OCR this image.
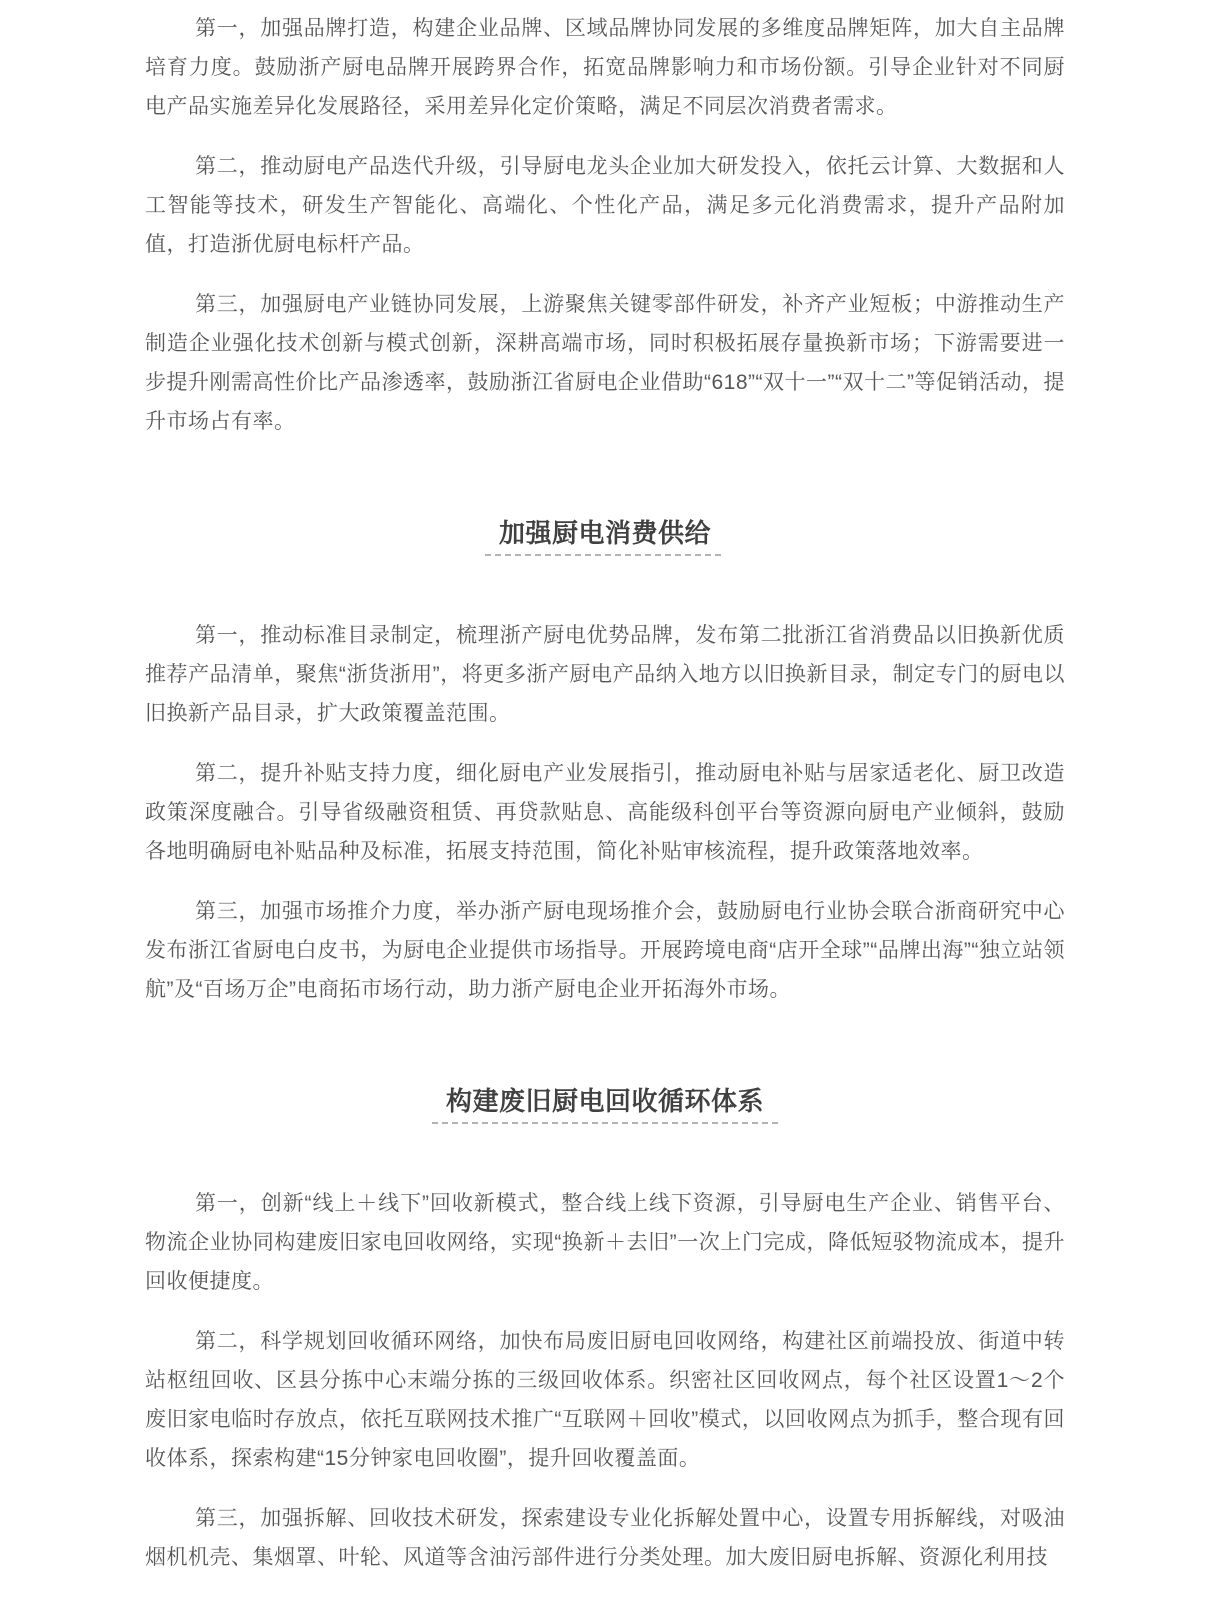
第一，加强品牌打造，构建企业品牌、区域品牌协同发展的多维度品牌矩阵，加大自主品牌培育力度。鼓励浙产厨电品牌开展跨界合作，拓宽品牌影响力和市场份额。引导企业针对不同厨电产品实施差异化发展路径，采用差异化定价策略，满足不同层次消费者需求。

第二，推动厨电产品迭代升级，引导厨电龙头企业加大研发投入，依托云计算、大数据和人工智能等技术，研发生产智能化、高端化、个性化产品，满足多元化消费需求，提升产品附加值，打造浙优厨电标杆产品。

第三，加强厨电产业链协同发展，上游聚焦关键零部件研发，补齐产业短板；中游推动生产制造企业强化技术创新与模式创新，深耕高端市场，同时积极拓展存量换新市场；下游需要进一步提升刚需高性价比产品渗透率，鼓励浙江省厨电企业借助“618”“双十一”“双十二”等促销活动，提升市场占有率。

加强厨电消费供给

第一，推动标准目录制定，梳理浙产厨电优势品牌，发布第二批浙江省消费品以旧换新优质推荐产品清单，聚焦“浙货浙用”，将更多浙产厨电产品纳入地方以旧换新目录，制定专门的厨电以旧换新产品目录，扩大政策覆盖范围。

第二，提升补贴支持力度，细化厨电产业发展指引，推动厨电补贴与居家适老化、厨卫改造政策深度融合。引导省级融资租赁、再贷款贴息、高能级科创平台等资源向厨电产业倾斜，鼓励各地明确厨电补贴品种及标准，拓展支持范围，简化补贴审核流程，提升政策落地效率。

第三，加强市场推介力度，举办浙产厨电现场推介会，鼓励厨电行业协会联合浙商研究中心发布浙江省厨电白皮书，为厨电企业提供市场指导。开展跨境电商“店开全球”“品牌出海”“独立站领航”及“百场万企”电商拓市场行动，助力浙产厨电企业开拓海外市场。

构建废旧厨电回收循环体系

第一，创新“线上＋线下”回收新模式，整合线上线下资源，引导厨电生产企业、销售平台、物流企业协同构建废旧家电回收网络，实现“换新＋去旧”一次上门完成，降低短驳物流成本，提升回收便捷度。

第二，科学规划回收循环网络，加快布局废旧厨电回收网络，构建社区前端投放、街道中转站枢纽回收、区县分拣中心末端分拣的三级回收体系。织密社区回收网点，每个社区设置1～2个废旧家电临时存放点，依托互联网技术推广“互联网＋回收”模式，以回收网点为抓手，整合现有回收体系，探索构建“15分钟家电回收圈”，提升回收覆盖面。

第三，加强拆解、回收技术研发，探索建设专业化拆解处置中心，设置专用拆解线，对吸油烟机机壳、集烟罩、叶轮、风道等含油污部件进行分类处理。加大废旧厨电拆解、资源化利用技
